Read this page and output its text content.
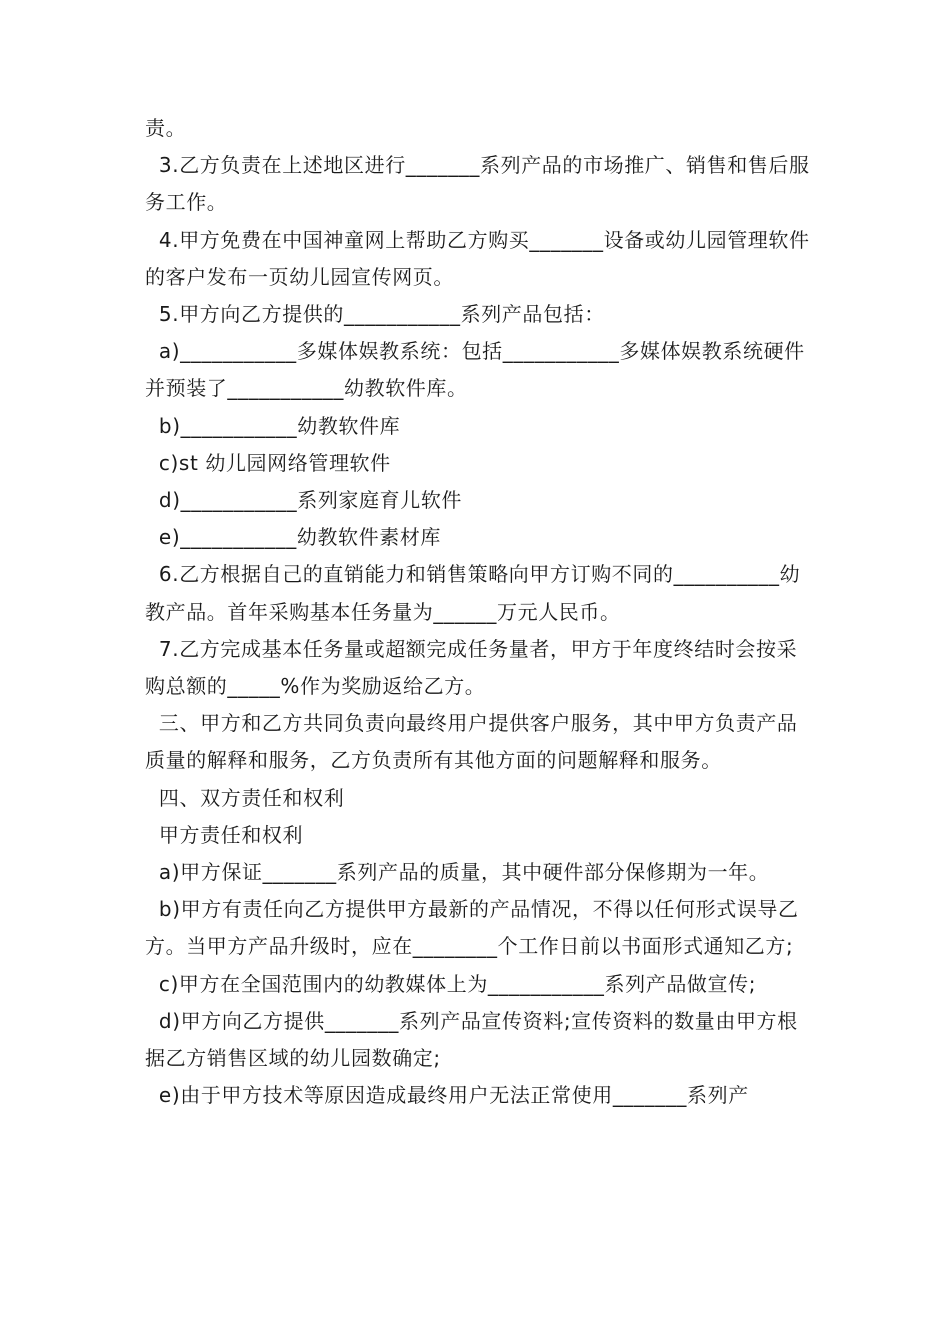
责。

3.乙方负责在上述地区进行_______系列产品的市场推广、销售和售后服务工作。

4.甲方免费在中国神童网上帮助乙方购买_______设备或幼儿园管理软件的客户发布一页幼儿园宣传网页。

5.甲方向乙方提供的___________系列产品包括：

a)___________多媒体娱教系统：包括___________多媒体娱教系统硬件并预装了___________幼教软件库。

b)___________幼教软件库

c)st 幼儿园网络管理软件

d)___________系列家庭育儿软件

e)___________幼教软件素材库

6.乙方根据自己的直销能力和销售策略向甲方订购不同的__________幼教产品。首年采购基本任务量为______万元人民币。

7.乙方完成基本任务量或超额完成任务量者，甲方于年度终结时会按采购总额的_____%作为奖励返给乙方。

三、甲方和乙方共同负责向最终用户提供客户服务，其中甲方负责产品质量的解释和服务，乙方负责所有其他方面的问题解释和服务。

四、双方责任和权利

甲方责任和权利

a)甲方保证_______系列产品的质量，其中硬件部分保修期为一年。

b)甲方有责任向乙方提供甲方最新的产品情况，不得以任何形式误导乙方。当甲方产品升级时，应在________个工作日前以书面形式通知乙方;

c)甲方在全国范围内的幼教媒体上为___________系列产品做宣传;

d)甲方向乙方提供_______系列产品宣传资料;宣传资料的数量由甲方根据乙方销售区域的幼儿园数确定;

e)由于甲方技术等原因造成最终用户无法正常使用_______系列产
